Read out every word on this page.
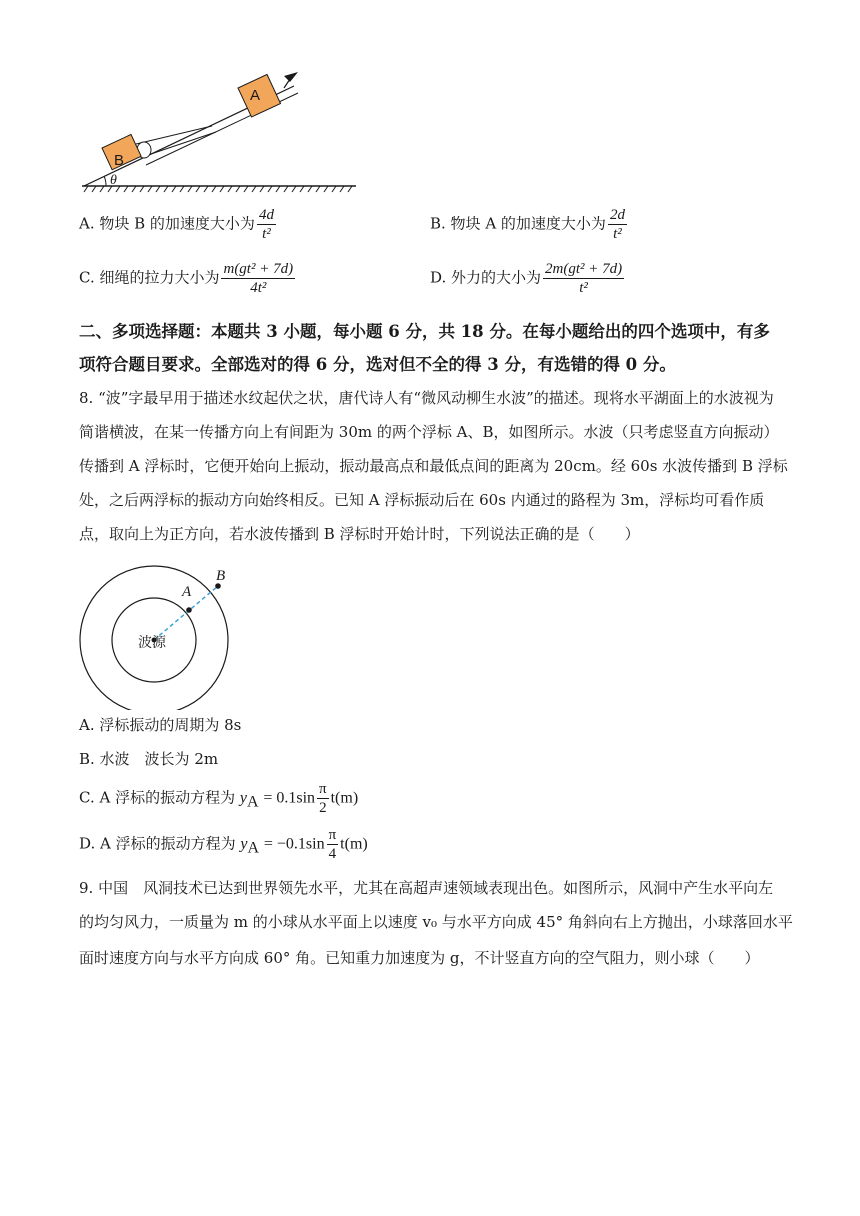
B
A
θ
A. 物块 B 的加速度大小为 $\frac{4d}{\text{t²}}$	B. 物块 A 的加速度大小为 $\frac{2d}{\text{t²}}$
C. 细绳的拉力大小为 $\frac{\text{m(gt² + 7d)}}{\text{4t²}}$	D. 外力的大小为 $\frac{\text{2m(gt² + 7d)}}{\text{t²}}$
二、多项选择题：本题共 3 小题，每小题 6 分，共 18 分。在每小题给出的四个选项中，有多
项符合题目要求。全部选对的得 6 分，选对但不全的得 3 分，有选错的得 0 分。
8. “波”字最早用于描述水纹起伏之状，唐代诗人有“微风动柳生水波”的描述。现将水平湖面上的水波视为
简谐横波，在某一传播方向上有间距为 30m 的两个浮标 A、B，如图所示。水波（只考虑竖直方向振动）
传播到 A 浮标时，它便开始向上振动，振动最高点和最低点间的距离为 20cm。经 60s 水波传播到 B 浮标
处，之后两浮标的振动方向始终相反。已知 A 浮标振动后在 60s 内通过的路程为 3m，浮标均可看作质
点，取向上为正方向，若水波传播到 B 浮标时开始计时，下列说法正确的是（　　）
A
B
波源
A. 浮标振动的周期为 8s
B. 水波　波长为 2m
C. A 浮标的振动方程为 $y_A = 0.1\sin \frac{\pi}{2} t(m)$
D. A 浮标的振动方程为 $y_A = -0.1\sin \frac{\pi}{4} t(m)$
9. 中国　风洞技术已达到世界领先水平，尤其在高超声速领域表现出色。如图所示，风洞中产生水平向左
的均匀风力，一质量为 m 的小球从水平面上以速度 v₀ 与水平方向成 45° 角斜向右上方抛出，小球落回水平
面时速度方向与水平方向成 60° 角。已知重力加速度为 g，不计竖直方向的空气阻力，则小球（　　）
